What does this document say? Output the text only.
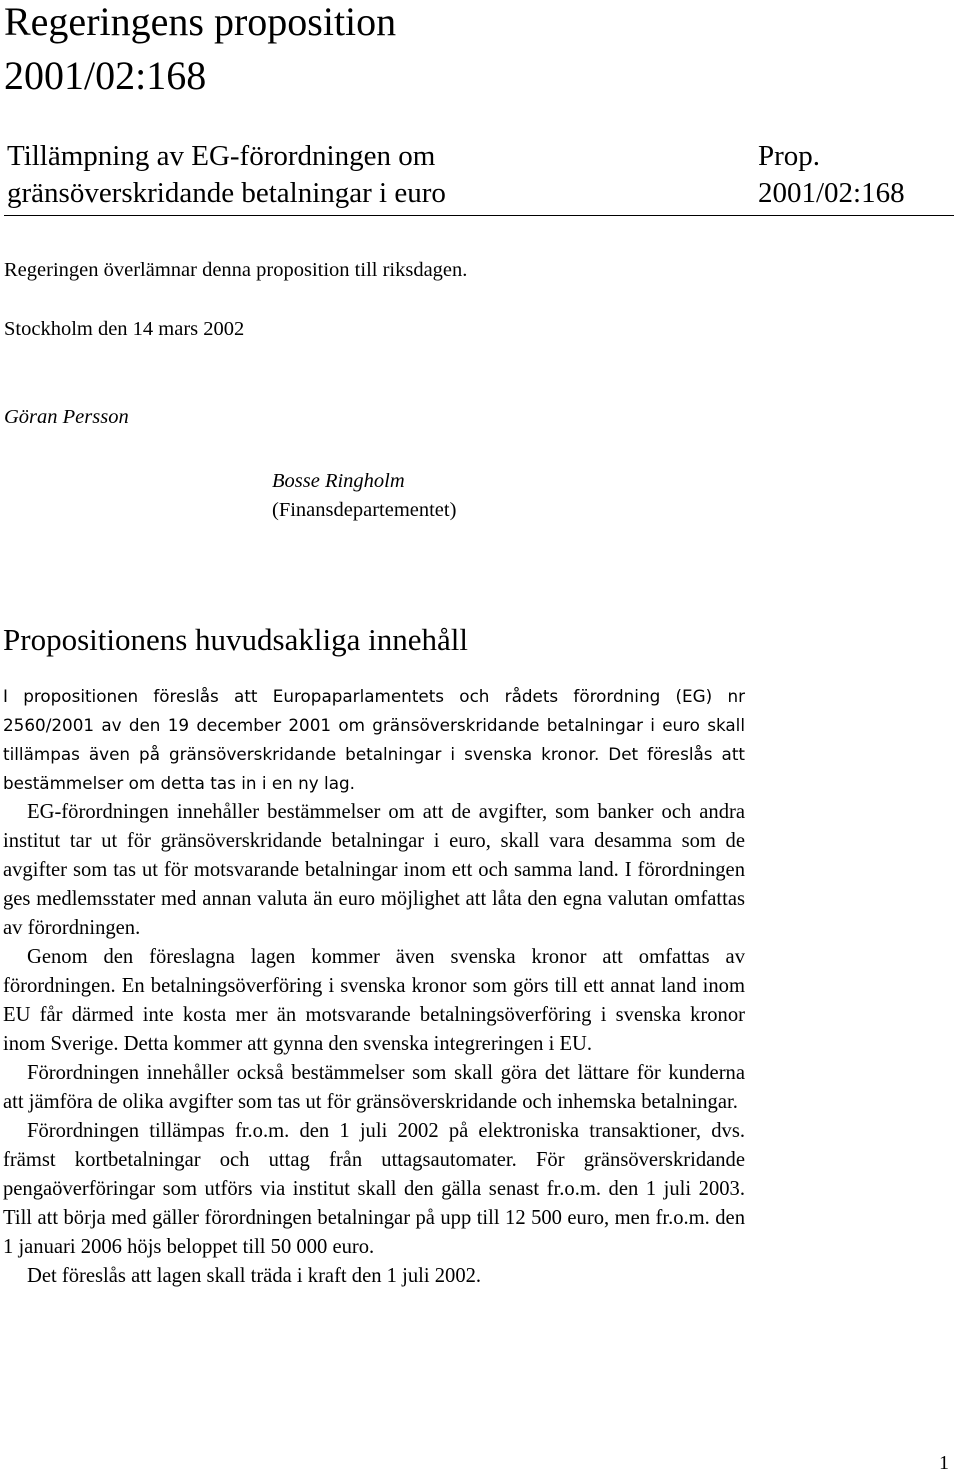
Regeringens proposition
2001/02:168
Tillämpning av EG-förordningen om
gränsöverskridande betalningar i euro
Prop.
2001/02:168
Regeringen överlämnar denna proposition till riksdagen.
Stockholm den 14 mars 2002
Göran Persson
Bosse Ringholm
(Finansdepartementet)
Propositionens huvudsakliga innehåll

I propositionen föreslås att Europaparlamentets och rådets förordning (EG) nr 2560/2001 av den 19 december 2001 om gränsöverskridande betalningar i euro skall tillämpas även på gränsöverskridande betalningar i svenska kronor. Det föreslås att bestämmelser om detta tas in i en ny lag.

EG-förordningen innehåller bestämmelser om att de avgifter, som banker och andra institut tar ut för gränsöverskridande betalningar i euro, skall vara desamma som de avgifter som tas ut för motsvarande betalningar inom ett och samma land. I förordningen ges medlemsstater med annan valuta än euro möjlighet att låta den egna valutan omfattas av förordningen.

Genom den föreslagna lagen kommer även svenska kronor att omfattas av förordningen. En betalningsöverföring i svenska kronor som görs till ett annat land inom EU får därmed inte kosta mer än motsvarande betalningsöverföring i svenska kronor inom Sverige. Detta kommer att gynna den svenska integreringen i EU.

Förordningen innehåller också bestämmelser som skall göra det lättare för kunderna att jämföra de olika avgifter som tas ut för gränsöverskridande och inhemska betalningar.

Förordningen tillämpas fr.o.m. den 1 juli 2002 på elektroniska transaktioner, dvs. främst kortbetalningar och uttag från uttagsautomater. För gränsöverskridande pengaöverföringar som utförs via institut skall den gälla senast fr.o.m. den 1 juli 2003. Till att börja med gäller förordningen betalningar på upp till 12 500 euro, men fr.o.m. den 1 januari 2006 höjs beloppet till 50 000 euro.

Det föreslås att lagen skall träda i kraft den 1 juli 2002.

1
